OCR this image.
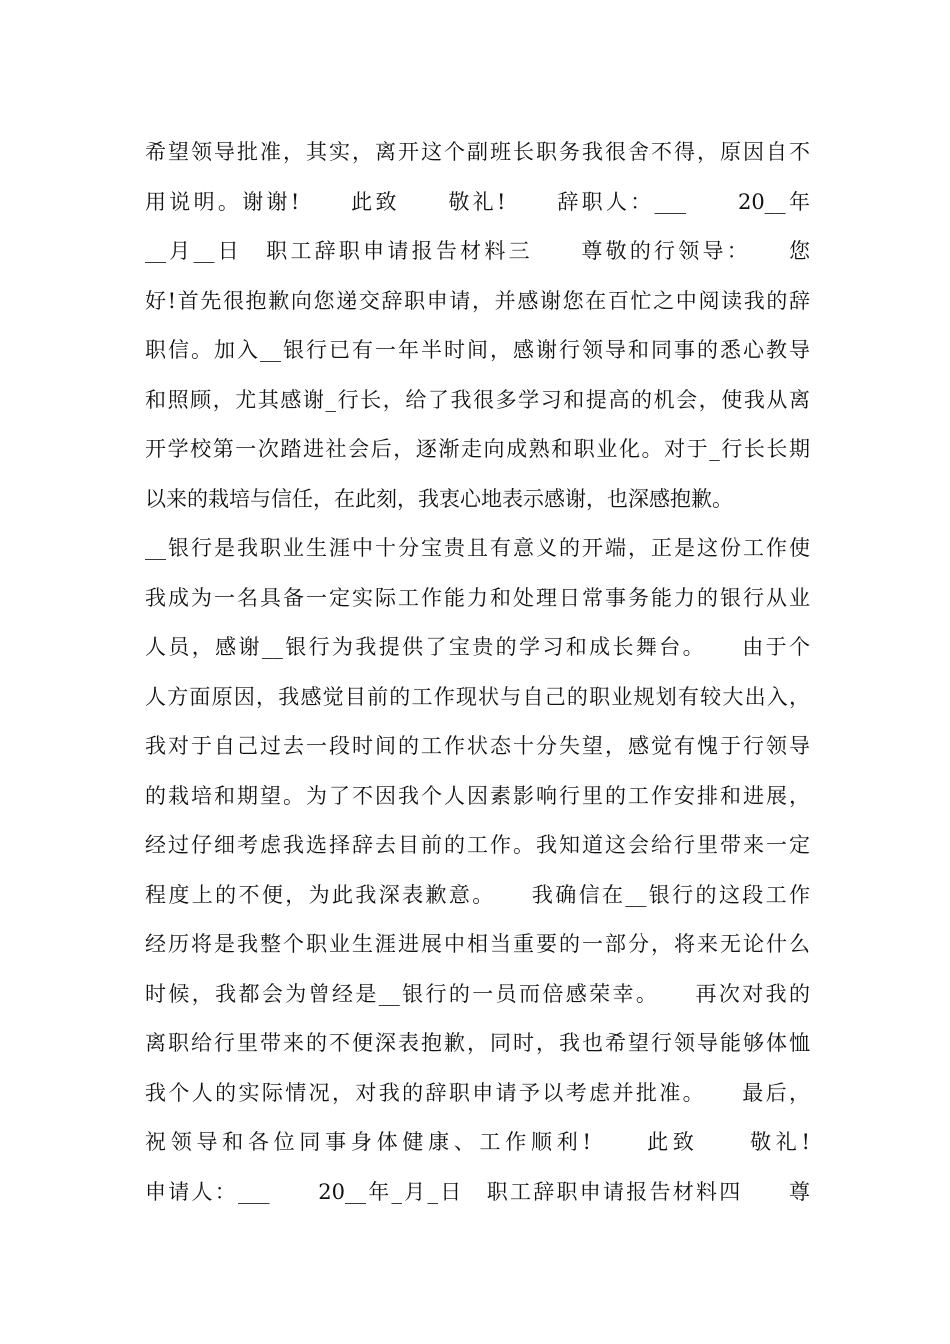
希望领导批准，其实，离开这个副班长职务我很舍不得，原因自不
用说明。谢谢!　　此致　　敬礼!　　辞职人：___　　20__年
__月__日　职工辞职申请报告材料三　　尊敬的行领导：　　您
好!首先很抱歉向您递交辞职申请，并感谢您在百忙之中阅读我的辞
职信。加入__银行已有一年半时间，感谢行领导和同事的悉心教导
和照顾，尤其感谢_行长，给了我很多学习和提高的机会，使我从离
开学校第一次踏进社会后，逐渐走向成熟和职业化。对于_行长长期
以来的栽培与信任，在此刻，我衷心地表示感谢，也深感抱歉。
__银行是我职业生涯中十分宝贵且有意义的开端，正是这份工作使
我成为一名具备一定实际工作能力和处理日常事务能力的银行从业
人员，感谢__银行为我提供了宝贵的学习和成长舞台。　　由于个
人方面原因，我感觉目前的工作现状与自己的职业规划有较大出入，
我对于自己过去一段时间的工作状态十分失望，感觉有愧于行领导
的栽培和期望。为了不因我个人因素影响行里的工作安排和进展，
经过仔细考虑我选择辞去目前的工作。我知道这会给行里带来一定
程度上的不便，为此我深表歉意。　　我确信在__银行的这段工作
经历将是我整个职业生涯进展中相当重要的一部分，将来无论什么
时候，我都会为曾经是__银行的一员而倍感荣幸。　　再次对我的
离职给行里带来的不便深表抱歉，同时，我也希望行领导能够体恤
我个人的实际情况，对我的辞职申请予以考虑并批准。　　最后，
祝领导和各位同事身体健康、工作顺利!　　此致　　敬礼!
申请人：___　　20__年_月_日　职工辞职申请报告材料四　　尊
